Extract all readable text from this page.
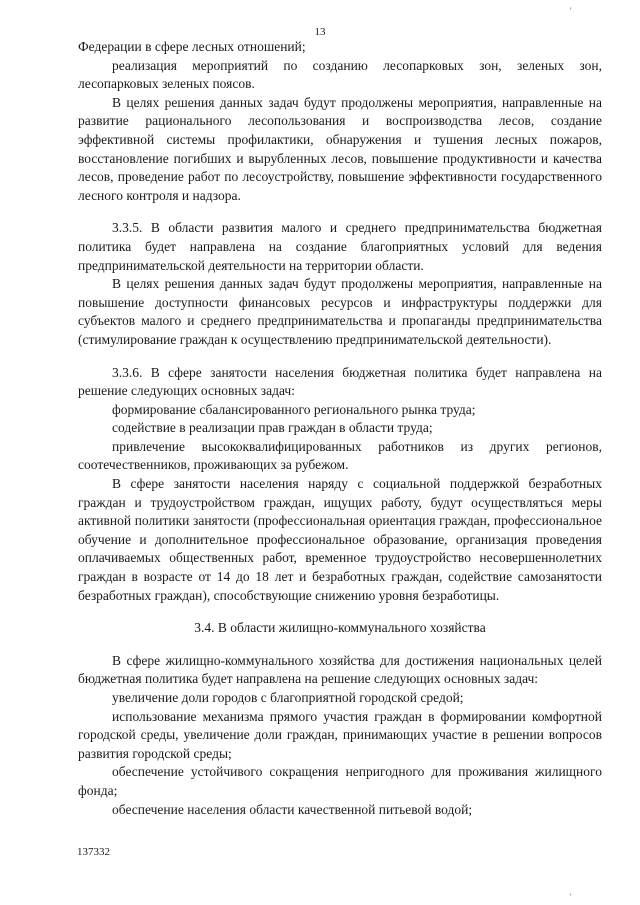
13
'

Федерации в сфере лесных отношений;

реализация мероприятий по созданию лесопарковых зон, зеленых зон, лесопарковых зеленых поясов.

В целях решения данных задач будут продолжены мероприятия, направленные на развитие рационального лесопользования и воспроизводства лесов, создание эффективной системы профилактики, обнаружения и тушения лесных пожаров, восстановление погибших и вырубленных лесов, повышение продуктивности и качества лесов, проведение работ по лесоустройству, повышение эффективности государственного лесного контроля и надзора.

3.3.5. В области развития малого и среднего предпринимательства бюджетная политика будет направлена на создание благоприятных условий для ведения предпринимательской деятельности на территории области.

В целях решения данных задач будут продолжены мероприятия, направленные на повышение доступности финансовых ресурсов и инфраструктуры поддержки для субъектов малого и среднего предпринимательства и пропаганды предпринимательства (стимулирование граждан к осуществлению предпринимательской деятельности).

3.3.6. В сфере занятости населения бюджетная политика будет направлена на решение следующих основных задач:

формирование сбалансированного регионального рынка труда;

содействие в реализации прав граждан в области труда;

привлечение высококвалифицированных работников из других регионов, соотечественников, проживающих за рубежом.

В сфере занятости населения наряду с социальной поддержкой безработных граждан и трудоустройством граждан, ищущих работу, будут осуществляться меры активной политики занятости (профессиональная ориентация граждан, профессиональное обучение и дополнительное профессиональное образование, организация проведения оплачиваемых общественных работ, временное трудоустройство несовершеннолетних граждан в возрасте от 14 до 18 лет и безработных граждан, содействие самозанятости безработных граждан), способствующие снижению уровня безработицы.

3.4. В области жилищно-коммунального хозяйства

В сфере жилищно-коммунального хозяйства для достижения национальных целей бюджетная политика будет направлена на решение следующих основных задач:

увеличение доли городов с благоприятной городской средой;

использование механизма прямого участия граждан в формировании комфортной городской среды, увеличение доли граждан, принимающих участие в решении вопросов развития городской среды;

обеспечение устойчивого сокращения непригодного для проживания жилищного фонда;

обеспечение населения области качественной питьевой водой;

137332
'
